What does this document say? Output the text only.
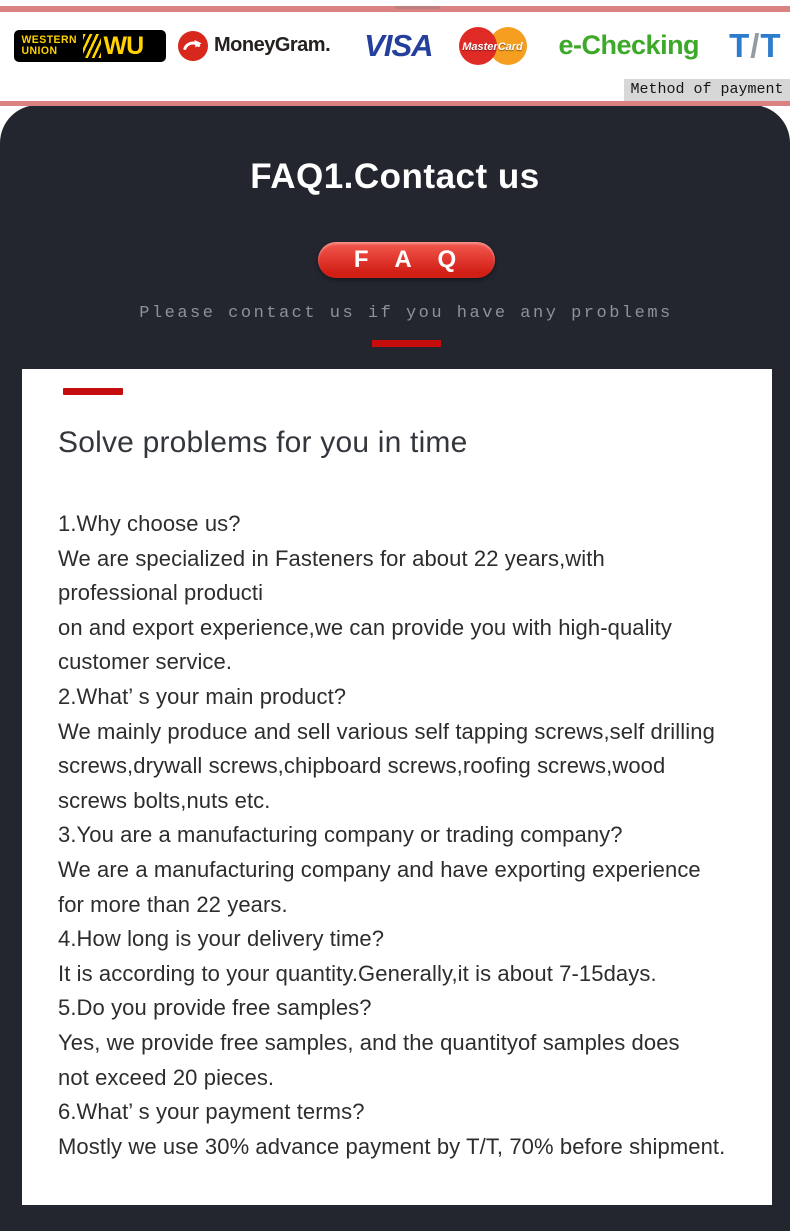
WESTERN
UNION	WU	MoneyGram. VISA	MasterCard e-Checking T/T
Method of payment
FAQ1.Contact us
F A Q
Please contact us if you have any problems
Solve problems for you in time
1.Why choose us?
We are specialized in Fasteners for about 22 years,with
professional producti
on and export experience,we can provide you with high-quality
customer service.
2.What’ s your main product?
We mainly produce and sell various self tapping screws,self drilling
screws,drywall screws,chipboard screws,roofing screws,wood
screws bolts,nuts etc.
3.You are a manufacturing company or trading company?
We are a manufacturing company and have exporting experience
for more than 22 years.
4.How long is your delivery time?
It is according to your quantity.Generally,it is about 7-15days.
5.Do you provide free samples?
Yes, we provide free samples, and the quantityof samples does
not exceed 20 pieces.
6.What’ s your payment terms?
Mostly we use 30% advance payment by T/T, 70% before shipment.
